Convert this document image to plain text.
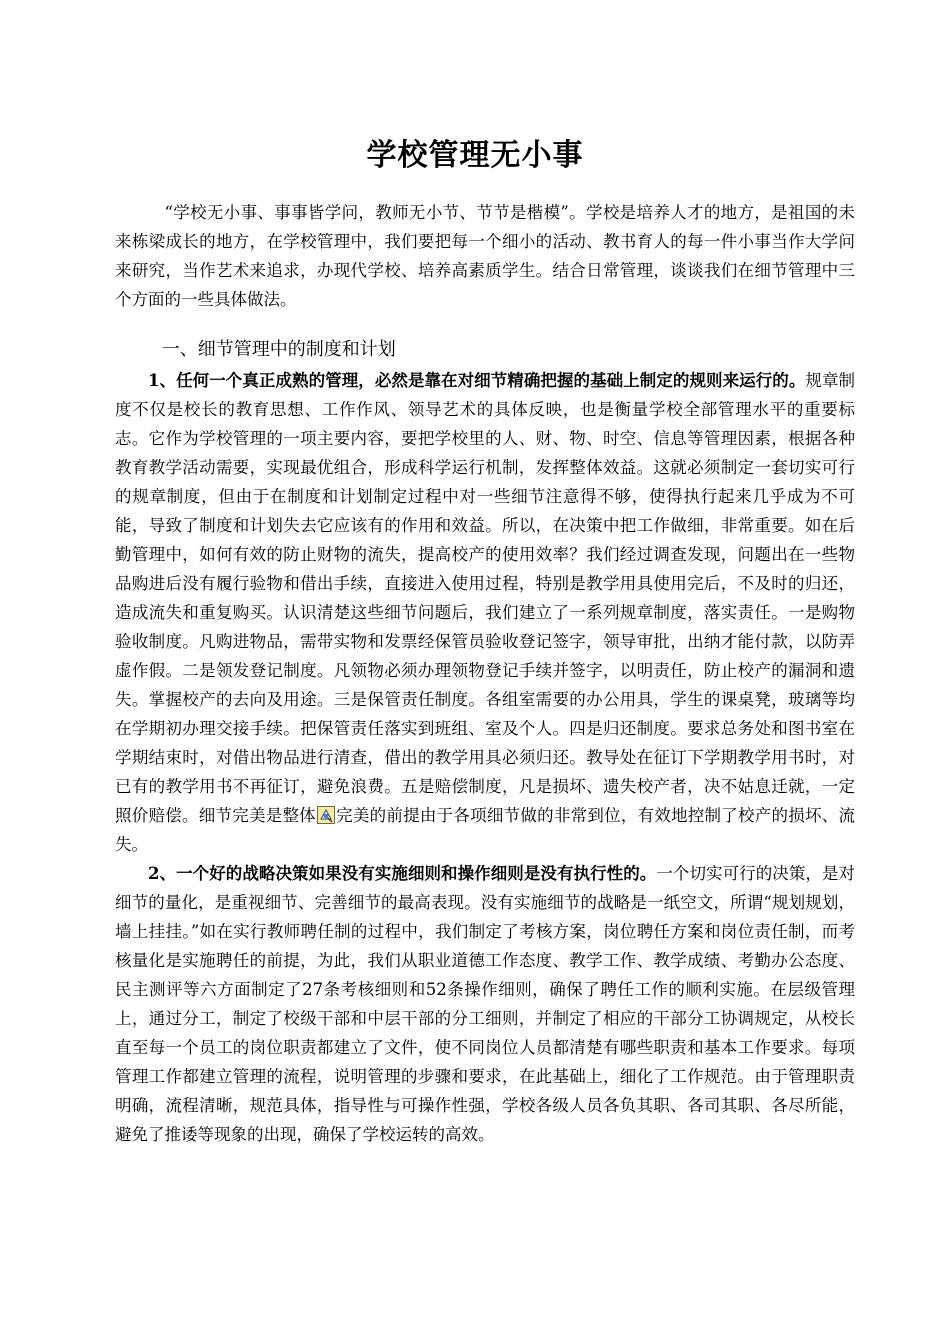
学校管理无小事

“学校无小事、事事皆学问，教师无小节、节节是楷模”。学校是培养人才的地方，是祖国的未来栋梁成长的地方，在学校管理中，我们要把每一个细小的活动、教书育人的每一件小事当作大学问来研究，当作艺术来追求，办现代学校、培养高素质学生。结合日常管理，谈谈我们在细节管理中三个方面的一些具体做法。

一、细节管理中的制度和计划

1、任何一个真正成熟的管理，必然是靠在对细节精确把握的基础上制定的规则来运行的。规章制度不仅是校长的教育思想、工作作风、领导艺术的具体反映，也是衡量学校全部管理水平的重要标志。它作为学校管理的一项主要内容，要把学校里的人、财、物、时空、信息等管理因素，根据各种教育教学活动需要，实现最优组合，形成科学运行机制，发挥整体效益。这就必须制定一套切实可行的规章制度，但由于在制度和计划制定过程中对一些细节注意得不够，使得执行起来几乎成为不可能，导致了制度和计划失去它应该有的作用和效益。所以，在决策中把工作做细，非常重要。如在后勤管理中，如何有效的防止财物的流失，提高校产的使用效率？我们经过调查发现，问题出在一些物品购进后没有履行验物和借出手续，直接进入使用过程，特别是教学用具使用完后，不及时的归还，造成流失和重复购买。认识清楚这些细节问题后，我们建立了一系列规章制度，落实责任。一是购物验收制度。凡购进物品，需带实物和发票经保管员验收登记签字，领导审批，出纳才能付款，以防弄虚作假。二是领发登记制度。凡领物必须办理领物登记手续并签字，以明责任，防止校产的漏洞和遗失。掌握校产的去向及用途。三是保管责任制度。各组室需要的办公用具，学生的课桌凳，玻璃等均在学期初办理交接手续。把保管责任落实到班组、室及个人。四是归还制度。要求总务处和图书室在学期结束时，对借出物品进行清查，借出的教学用具必须归还。教导处在征订下学期教学用书时，对已有的教学用书不再征订，避免浪费。五是赔偿制度，凡是损坏、遗失校产者，决不姑息迁就，一定照价赔偿。细节完美是整体 完美的前提由于各项细节做的非常到位，有效地控制了校产的损坏、流失。

2、一个好的战略决策如果没有实施细则和操作细则是没有执行性的。一个切实可行的决策，是对细节的量化，是重视细节、完善细节的最高表现。没有实施细节的战略是一纸空文，所谓“规划规划，墙上挂挂。”如在实行教师聘任制的过程中，我们制定了考核方案，岗位聘任方案和岗位责任制，而考核量化是实施聘任的前提，为此，我们从职业道德工作态度、教学工作、教学成绩、考勤办公态度、民主测评等六方面制定了27条考核细则和52条操作细则，确保了聘任工作的顺利实施。在层级管理上，通过分工，制定了校级干部和中层干部的分工细则，并制定了相应的干部分工协调规定，从校长直至每一个员工的岗位职责都建立了文件，使不同岗位人员都清楚有哪些职责和基本工作要求。每项管理工作都建立管理的流程，说明管理的步骤和要求，在此基础上，细化了工作规范。由于管理职责明确，流程清晰，规范具体，指导性与可操作性强，学校各级人员各负其职、各司其职、各尽所能，避免了推诿等现象的出现，确保了学校运转的高效。
